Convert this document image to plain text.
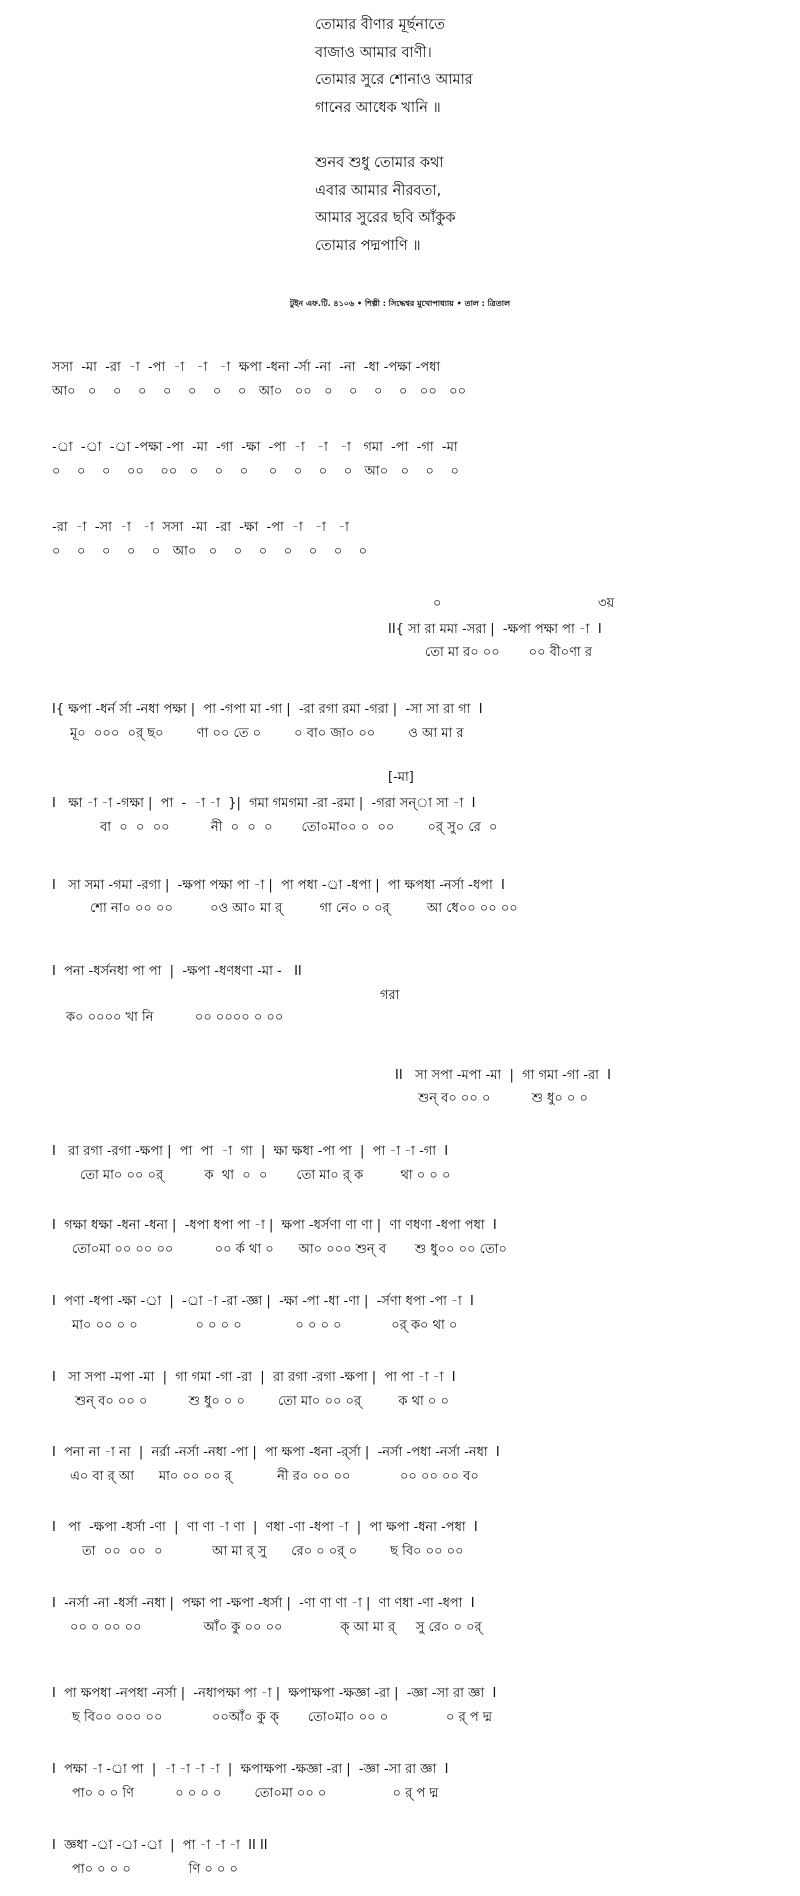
তোমার বীণার মূর্ছনাতে
বাজাও আমার বাণী।
তোমার সুরে শোনাও আমার
গানের আধেক খানি ॥
শুনব শুধু তোমার কথা
এবার আমার নীরবতা,
আমার সুরের ছবি আঁকুক
তোমার পদ্মপাণি ॥
টুইন এফ.টি. ৪১০৬ • শিল্পী : সিদ্ধেশ্বর মুখোপাধ্যায় • তাল : ত্রিতাল
সসা  -মা  -রা  -া  -পা  -া   -া   -া  ক্ষপা -ধনা -র্সা -না  -না  -ধা -পক্ষা -পধা
আ০   ০    ০    ০    ০    ০    ০    ০   আ০   ০০   ০    ০    ০    ০   ০০   ০০
-র্া  -র্া  -র্া -পক্ষা -পা  -মা  -গা  -ক্ষা  -পা  -া   -া   -া   গমা  -পা  -গা  -মা
০    ০    ০    ০০    ০০   ০    ০    ০     ০    ০    ০    ০   আ০   ০    ০    ০
-রা  -া  -সা  -া   -া  সসা  -মা  -রা  -ক্ষা  -পা  -া   -া   -া
০    ০    ০    ০    ০   আ০   ০    ০    ০    ০    ০    ০    ০
০	৩য়
II{ সা রা মমা -সরা |  -ক্ষপা পক্ষা পা -া  I
তো মা র০ ০০       ০০ বী০ণা র
I{ ক্ষপা -ধর্ন র্সা -নধা পক্ষা |  পা -গপা মা -গা |  -রা রগা রমা -গরা |  -সা সা রা গা  I
মূ০  ০০০  ০র্ ছ০        ণা ০০ তে ০        ০ বা০ জা০ ০০        ও আ মা র
[-মা]
I   ক্ষা -া -া -গক্ষা |  পা  -  -া -া  }|  গমা গমগমা -রা -রমা |  -গরা সন্া সা -া  I
বা  ০  ০  ০০          নী  ০  ০  ০       তো০মা০০ ০  ০০        ০র্ সু০ রে  ০
I   সা সমা -গমা -রগা |  -ক্ষপা পক্ষা পা -া |  পা পধা -র্া -ধপা |  পা ক্ষপধা -নর্সা -ধপা  I
শো না০ ০০ ০০         ০ও আ০ মা র্         গা নে০ ০ ০র্         আ ধে০০ ০০ ০০
I  পনা -ধর্সনধা পা পা  |  -ক্ষপা -ধণধণা -মা -   II
গরা
ক০ ০০০০ খা নি          ০০ ০০০০ ০ ০০
II   সা সপা -মপা -মা  |  গা গমা -গা -রা  I
শুন্ ব০ ০০ ০          শু ধু০ ০ ০
I   রা রগা -রগা -ক্ষপা |  পা  পা  -া  গা  |  ক্ষা ক্ষধা -পা পা  |  পা -া -া -গা  I
তো মা০ ০০ ০র্          ক  থা  ০  ০       তো মা০ র্ ক         থা ০ ০ ০
I  গক্ষা ধক্ষা -ধনা -ধনা |  -ধপা ধপা পা -া |  ক্ষপা -ধর্সণা ণা ণা |  ণা ণধণা -ধপা পধা  I
তো০মা ০০ ০০ ০০          ০০ র্ক থা ০      আ০ ০০০ শুন্ ব       শু ধু০০ ০০ তো০
I  পণা -ধপা -ক্ষা -র্া  |  -র্া -া -রা -জ্ঞা |  -ক্ষা -পা -ধা -ণা |  -র্সণা ধপা -পা -া  I
মা০ ০০ ০ ০              ০ ০ ০ ০             ০ ০ ০ ০            ০র্ ক০ থা ০
I   সা সপা -মপা -মা  |  গা গমা -গা -রা  |  রা রগা -রগা -ক্ষপা |  পা পা -া -া  I
শুন্ ব০ ০০ ০          শু ধু০ ০ ০        তো মা০ ০০ ০র্         ক থা ০ ০
I  পনা না -া না  |  নর্রা -নর্সা -নধা -পা |  পা ক্ষপা -ধনা -র্র্সা |  -নর্সা -পধা -নর্সা -নধা  I
এ০ বা র্ আ      মা০ ০০ ০০ র্           নী র০ ০০ ০০            ০০ ০০ ০০ ব০
I   পা  -ক্ষপা -ধর্সা -ণা  |  ণা ণা -া ণা  |  ণধা -ণা -ধপা -া  |  পা ক্ষপা -ধনা -পধা  I
তা  ০০  ০০  ০            আ মা র্ সু      রে০ ০ ০র্ ০        ছ বি০ ০০ ০০
I  -নর্সা -না -ধর্সা -নধা |  পক্ষা পা -ক্ষপা -ধর্সা |  -ণা ণা ণা -া |  ণা ণধা -ণা -ধপা  I
০০ ০ ০০ ০০               আঁ০ কু ০০ ০০              ক্ আ মা র্     সু রে০ ০ ০র্
I  পা ক্ষপধা -নপধা -নর্সা |  -নধাপক্ষা পা -া |  ক্ষপাক্ষপা -ক্ষজ্ঞা -রা |  -জ্ঞা -সা রা জ্ঞা  I
ছ বি০০ ০০০ ০০            ০০আঁ০ কু ক্       তো০মা০ ০০ ০              ০ র্ প দ্ম
I  পক্ষা -া -র্া পা  |  -া -া -া -া  |  ক্ষপাক্ষপা -ক্ষজ্ঞা -রা |  -জ্ঞা -সা রা জ্ঞা  I
পা০ ০ ০ ণি          ০ ০ ০ ০        তো০মা ০০ ০                ০ র্ প দ্ম
I  জ্ঞধা -র্া -র্া -র্া  |  পা -া -া -া  II II
পা০ ০ ০ ০              ণি ০ ০ ০
